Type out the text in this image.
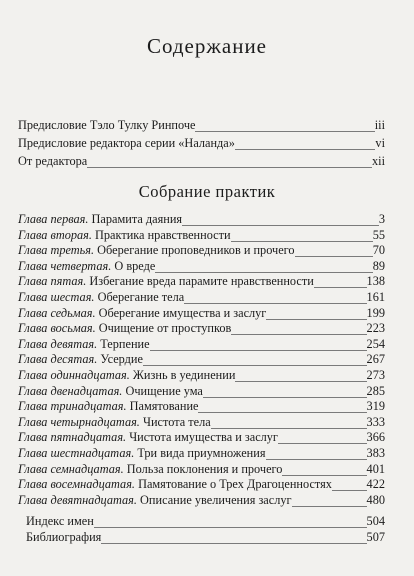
Содержание
Предисловие Тэло Тулку Ринпоче	iii
Предисловие редактора серии «Наланда»	vi
От редактора	xii
Собрание практик
Глава первая. Парамита даяния	3
Глава вторая. Практика нравственности	55
Глава третья. Оберегание проповедников и прочего	70
Глава четвертая. О вреде	89
Глава пятая. Избегание вреда парамите нравственности	138
Глава шестая. Оберегание тела	161
Глава седьмая. Оберегание имущества и заслуг	199
Глава восьмая. Очищение от проступков	223
Глава девятая. Терпение	254
Глава десятая. Усердие	267
Глава одиннадцатая. Жизнь в уединении	273
Глава двенадцатая. Очищение ума	285
Глава тринадцатая. Памятование	319
Глава четырнадцатая. Чистота тела	333
Глава пятнадцатая. Чистота имущества и заслуг	366
Глава шестнадцатая. Три вида приумножения	383
Глава семнадцатая. Польза поклонения и прочего	401
Глава восемнадцатая. Памятование о Трех Драгоценностях	422
Глава девятнадцатая. Описание увеличения заслуг	480
Индекс имен	504
Библиография	507
